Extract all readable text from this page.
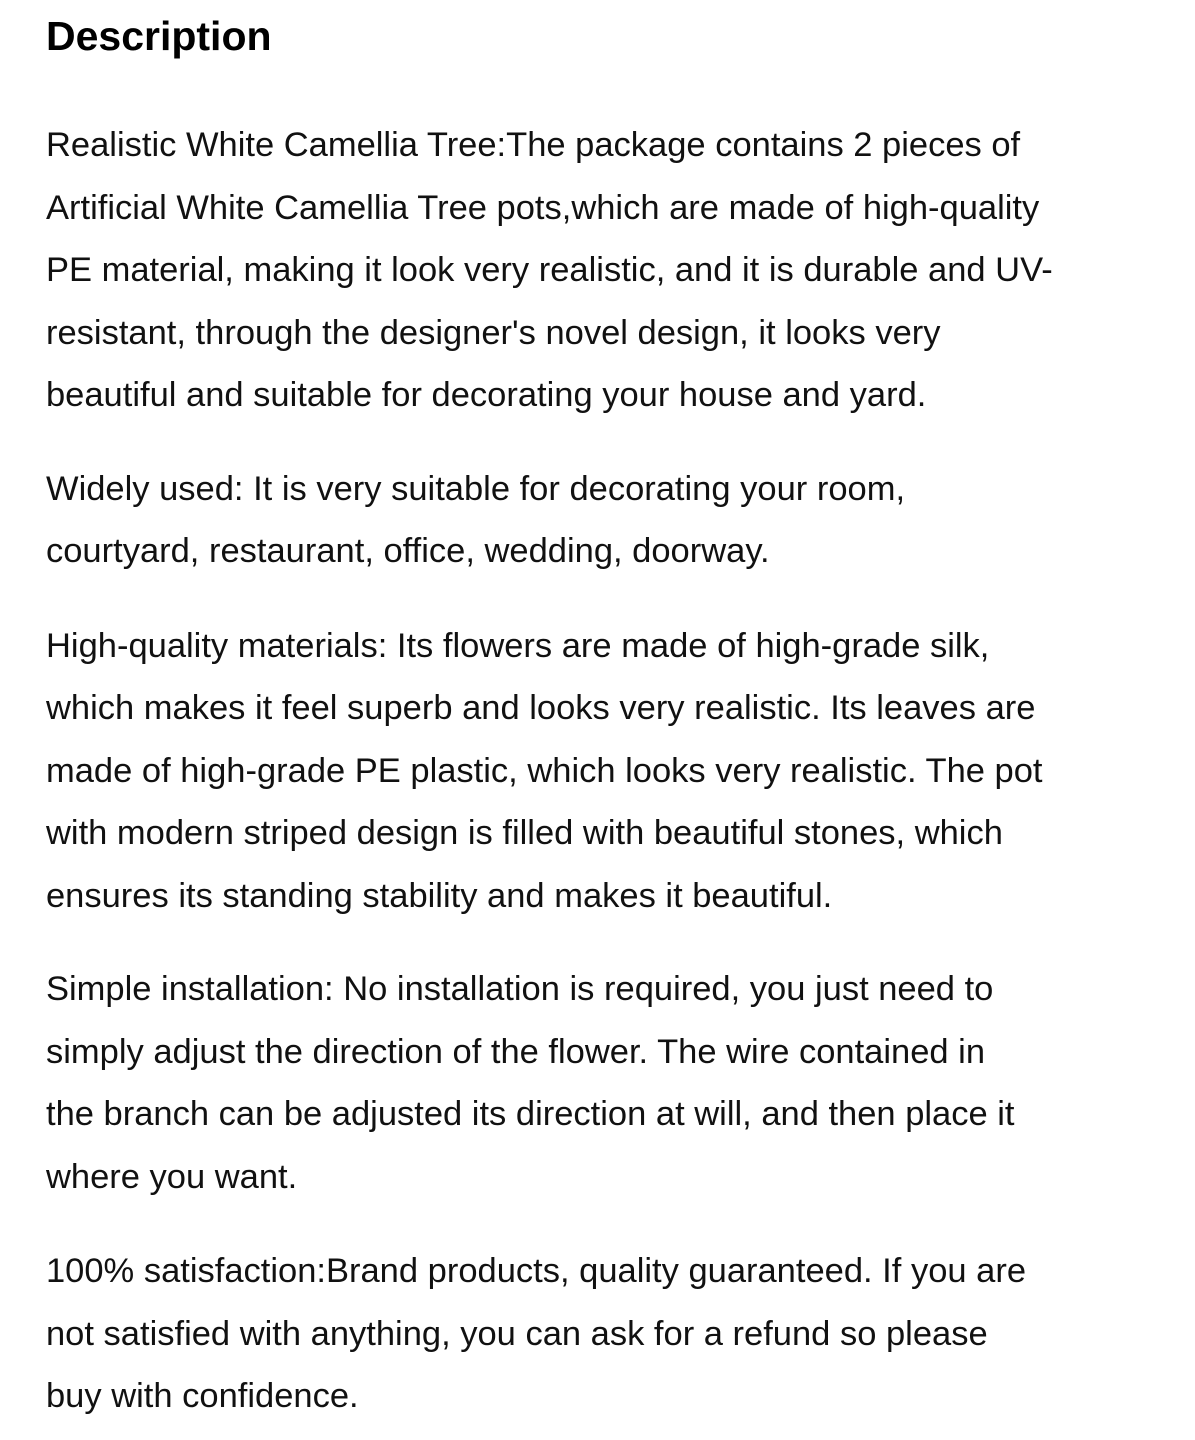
Description

Realistic White Camellia Tree:The package contains 2 pieces of
Artificial White Camellia Tree pots,which are made of high-quality
PE material, making it look very realistic, and it is durable and UV-
resistant, through the designer's novel design, it looks very
beautiful and suitable for decorating your house and yard.

Widely used: It is very suitable for decorating your room,
courtyard, restaurant, office, wedding, doorway.

High-quality materials: Its flowers are made of high-grade silk,
which makes it feel superb and looks very realistic. Its leaves are
made of high-grade PE plastic, which looks very realistic. The pot
with modern striped design is filled with beautiful stones, which
ensures its standing stability and makes it beautiful.

Simple installation: No installation is required, you just need to
simply adjust the direction of the flower. The wire contained in
the branch can be adjusted its direction at will, and then place it
where you want.

100% satisfaction:Brand products, quality guaranteed. If you are
not satisfied with anything, you can ask for a refund so please
buy with confidence.
